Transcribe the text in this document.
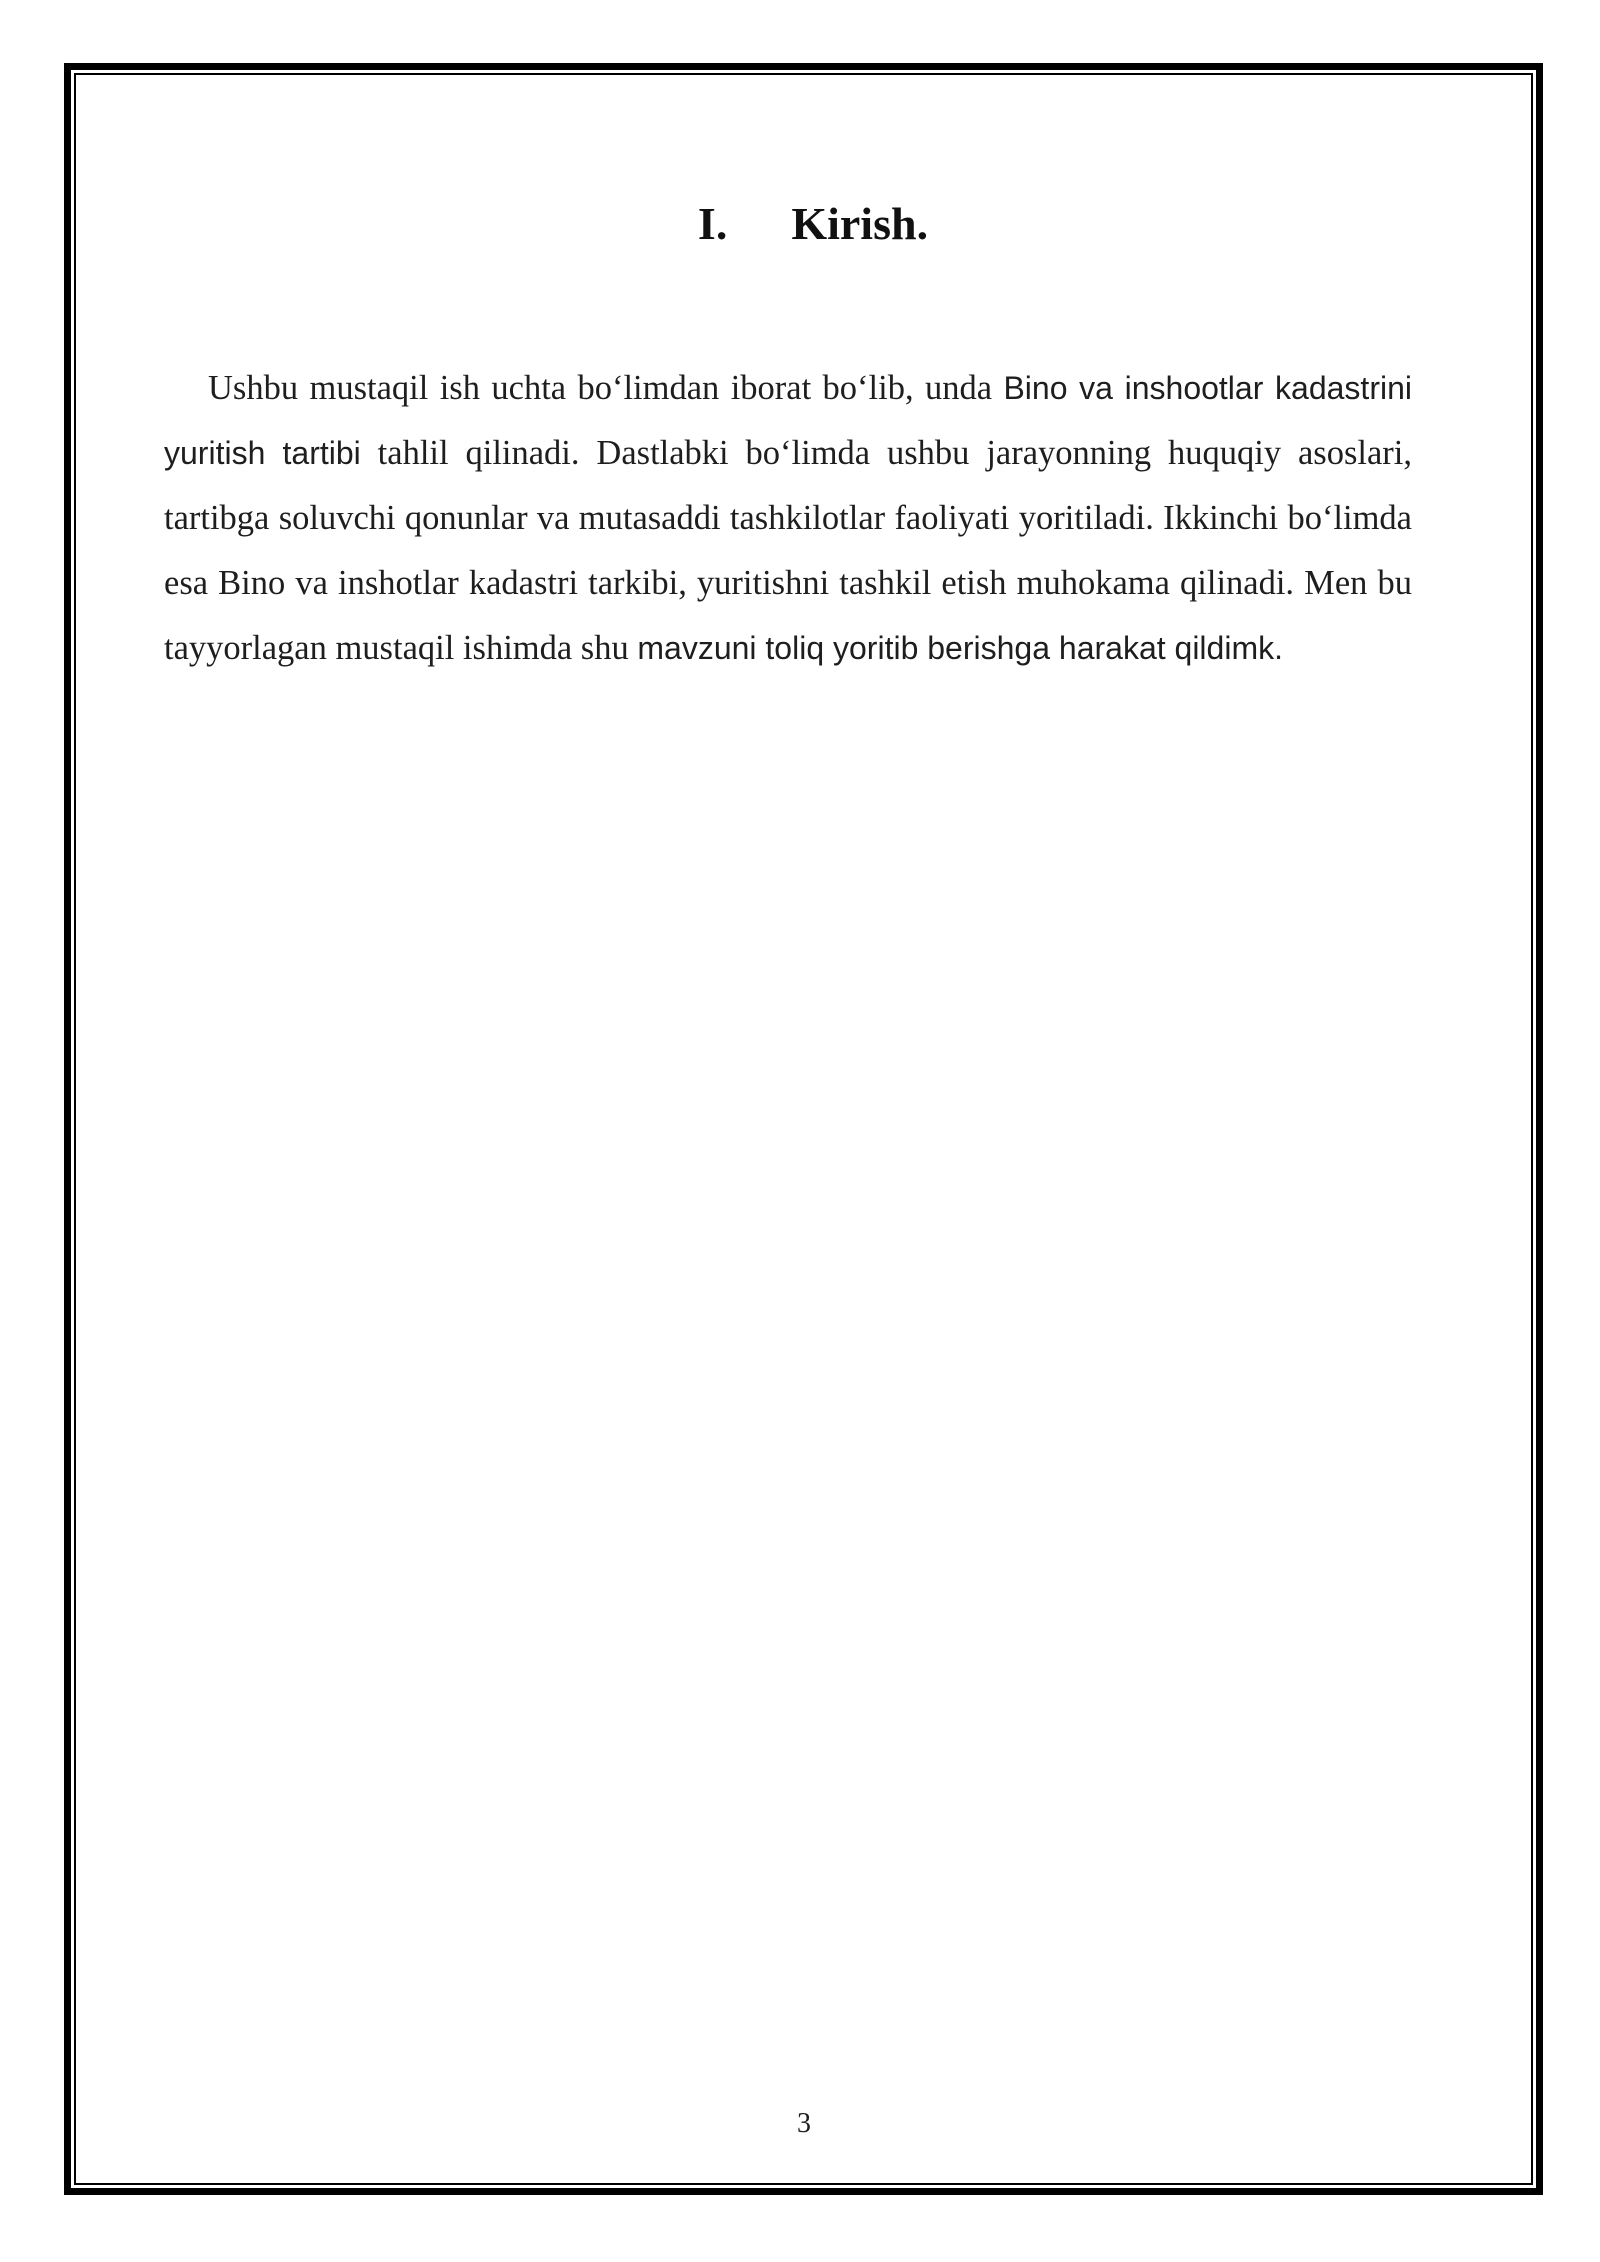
I. Kirish.

Ushbu mustaqil ish uchta bo‘limdan iborat bo‘lib, unda Bino va inshootlar kadastrini yuritish tartibi tahlil qilinadi. Dastlabki bo‘limda ushbu jarayonning huquqiy asoslari, tartibga soluvchi qonunlar va mutasaddi tashkilotlar faoliyati yoritiladi. Ikkinchi bo‘limda esa Bino va inshotlar kadastri tarkibi, yuritishni tashkil etish muhokama qilinadi. Men bu tayyorlagan mustaqil ishimda shu mavzuni toliq yoritib berishga harakat qildimk.

3
